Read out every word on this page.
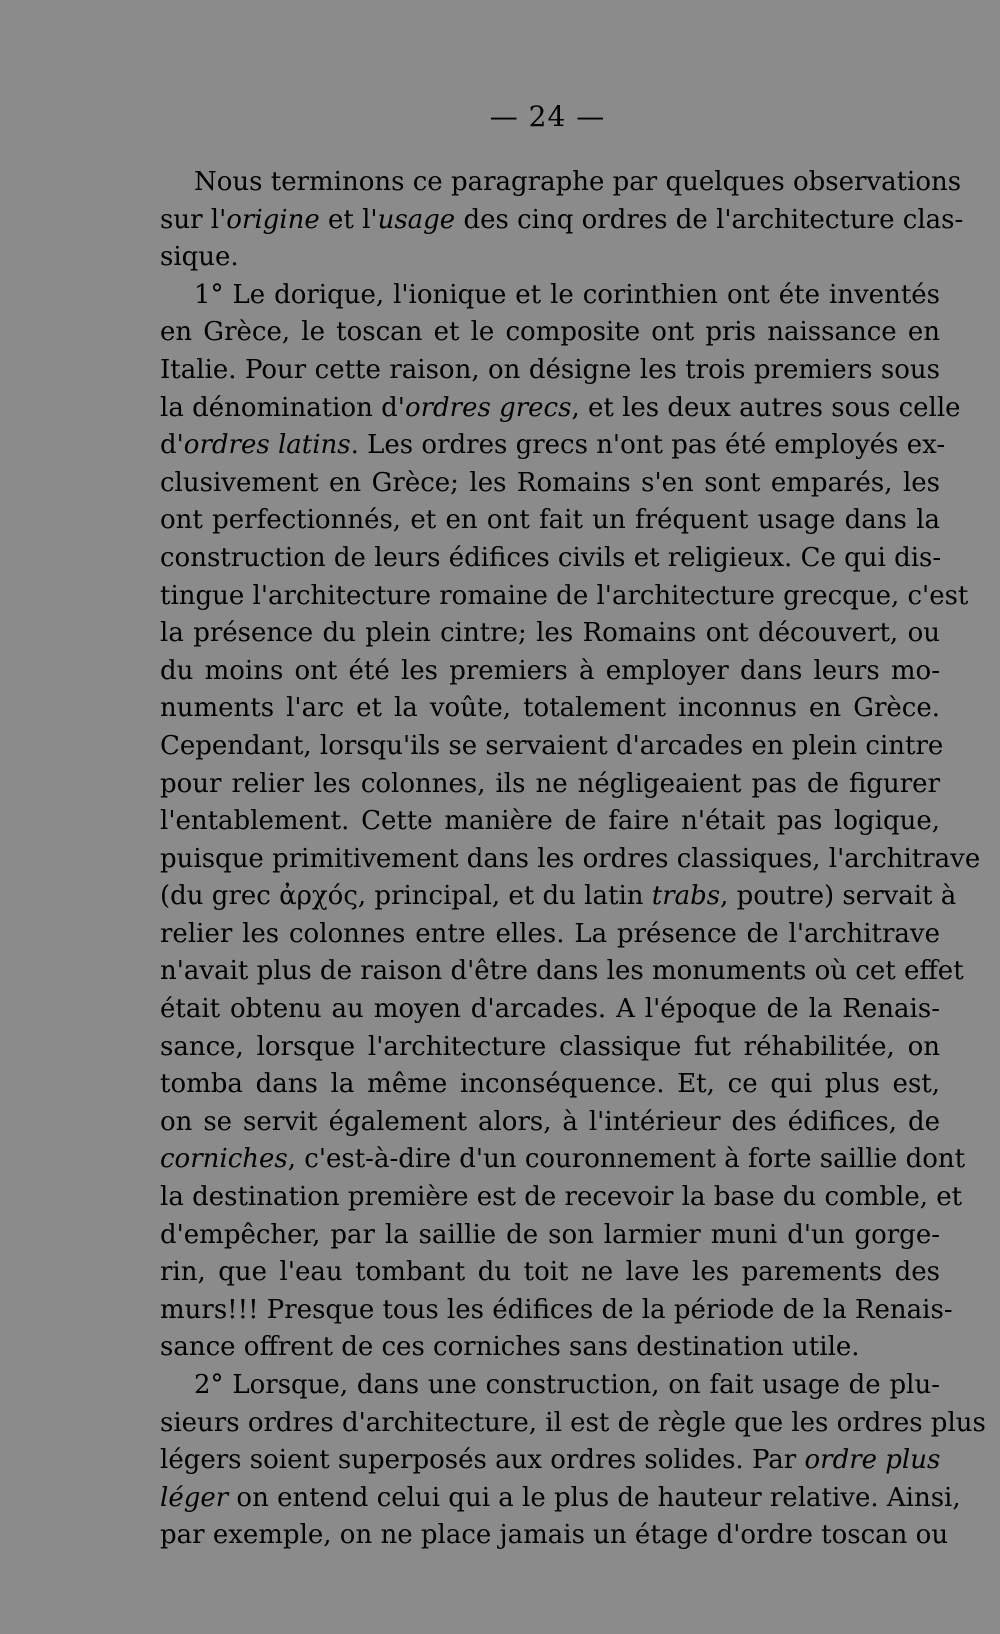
— 24 —
Nous terminons ce paragraphe par quelques observations
sur l'origine et l'usage des cinq ordres de l'architecture clas-
sique.
1° Le dorique, l'ionique et le corinthien ont éte inventés
en Grèce, le toscan et le composite ont pris naissance en
Italie. Pour cette raison, on désigne les trois premiers sous
la dénomination d'ordres grecs, et les deux autres sous celle
d'ordres latins. Les ordres grecs n'ont pas été employés ex-
clusivement en Grèce; les Romains s'en sont emparés, les
ont perfectionnés, et en ont fait un fréquent usage dans la
construction de leurs édifices civils et religieux. Ce qui dis-
tingue l'architecture romaine de l'architecture grecque, c'est
la présence du plein cintre; les Romains ont découvert, ou
du moins ont été les premiers à employer dans leurs mo-
numents l'arc et la voûte, totalement inconnus en Grèce.
Cependant, lorsqu'ils se servaient d'arcades en plein cintre
pour relier les colonnes, ils ne négligeaient pas de figurer
l'entablement. Cette manière de faire n'était pas logique,
puisque primitivement dans les ordres classiques, l'architrave
(du grec ἀρχός, principal, et du latin trabs, poutre) servait à
relier les colonnes entre elles. La présence de l'architrave
n'avait plus de raison d'être dans les monuments où cet effet
était obtenu au moyen d'arcades. A l'époque de la Renais-
sance, lorsque l'architecture classique fut réhabilitée, on
tomba dans la même inconséquence. Et, ce qui plus est,
on se servit également alors, à l'intérieur des édifices, de
corniches, c'est-à-dire d'un couronnement à forte saillie dont
la destination première est de recevoir la base du comble, et
d'empêcher, par la saillie de son larmier muni d'un gorge-
rin, que l'eau tombant du toit ne lave les parements des
murs!!! Presque tous les édifices de la période de la Renais-
sance offrent de ces corniches sans destination utile.
2° Lorsque, dans une construction, on fait usage de plu-
sieurs ordres d'architecture, il est de règle que les ordres plus
légers soient superposés aux ordres solides. Par ordre plus
léger on entend celui qui a le plus de hauteur relative. Ainsi,
par exemple, on ne place jamais un étage d'ordre toscan ou
